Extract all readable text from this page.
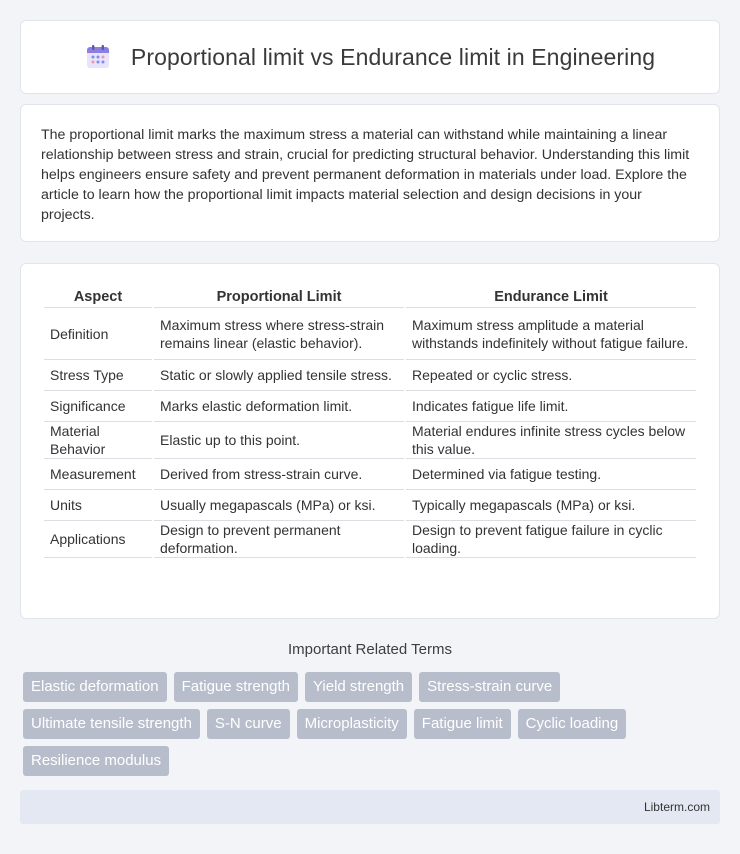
Proportional limit vs Endurance limit in Engineering

The proportional limit marks the maximum stress a material can withstand while maintaining a linear relationship between stress and strain, crucial for predicting structural behavior. Understanding this limit helps engineers ensure safety and prevent permanent deformation in materials under load. Explore the article to learn how the proportional limit impacts material selection and design decisions in your projects.

Aspect	Proportional Limit	Endurance Limit
Definition	Maximum stress where stress-strain remains linear (elastic behavior).	Maximum stress amplitude a material withstands indefinitely without fatigue failure.
Stress Type	Static or slowly applied tensile stress.	Repeated or cyclic stress.
Significance	Marks elastic deformation limit.	Indicates fatigue life limit.
Material Behavior	Elastic up to this point.	Material endures infinite stress cycles below this value.
Measurement	Derived from stress-strain curve.	Determined via fatigue testing.
Units	Usually megapascals (MPa) or ksi.	Typically megapascals (MPa) or ksi.
Applications	Design to prevent permanent deformation.	Design to prevent fatigue failure in cyclic loading.
Important Related Terms
Elastic deformation	Fatigue strength	Yield strength	Stress-strain curve
Ultimate tensile strength	S-N curve	Microplasticity	Fatigue limit	Cyclic loading
Resilience modulus
Libterm.com
